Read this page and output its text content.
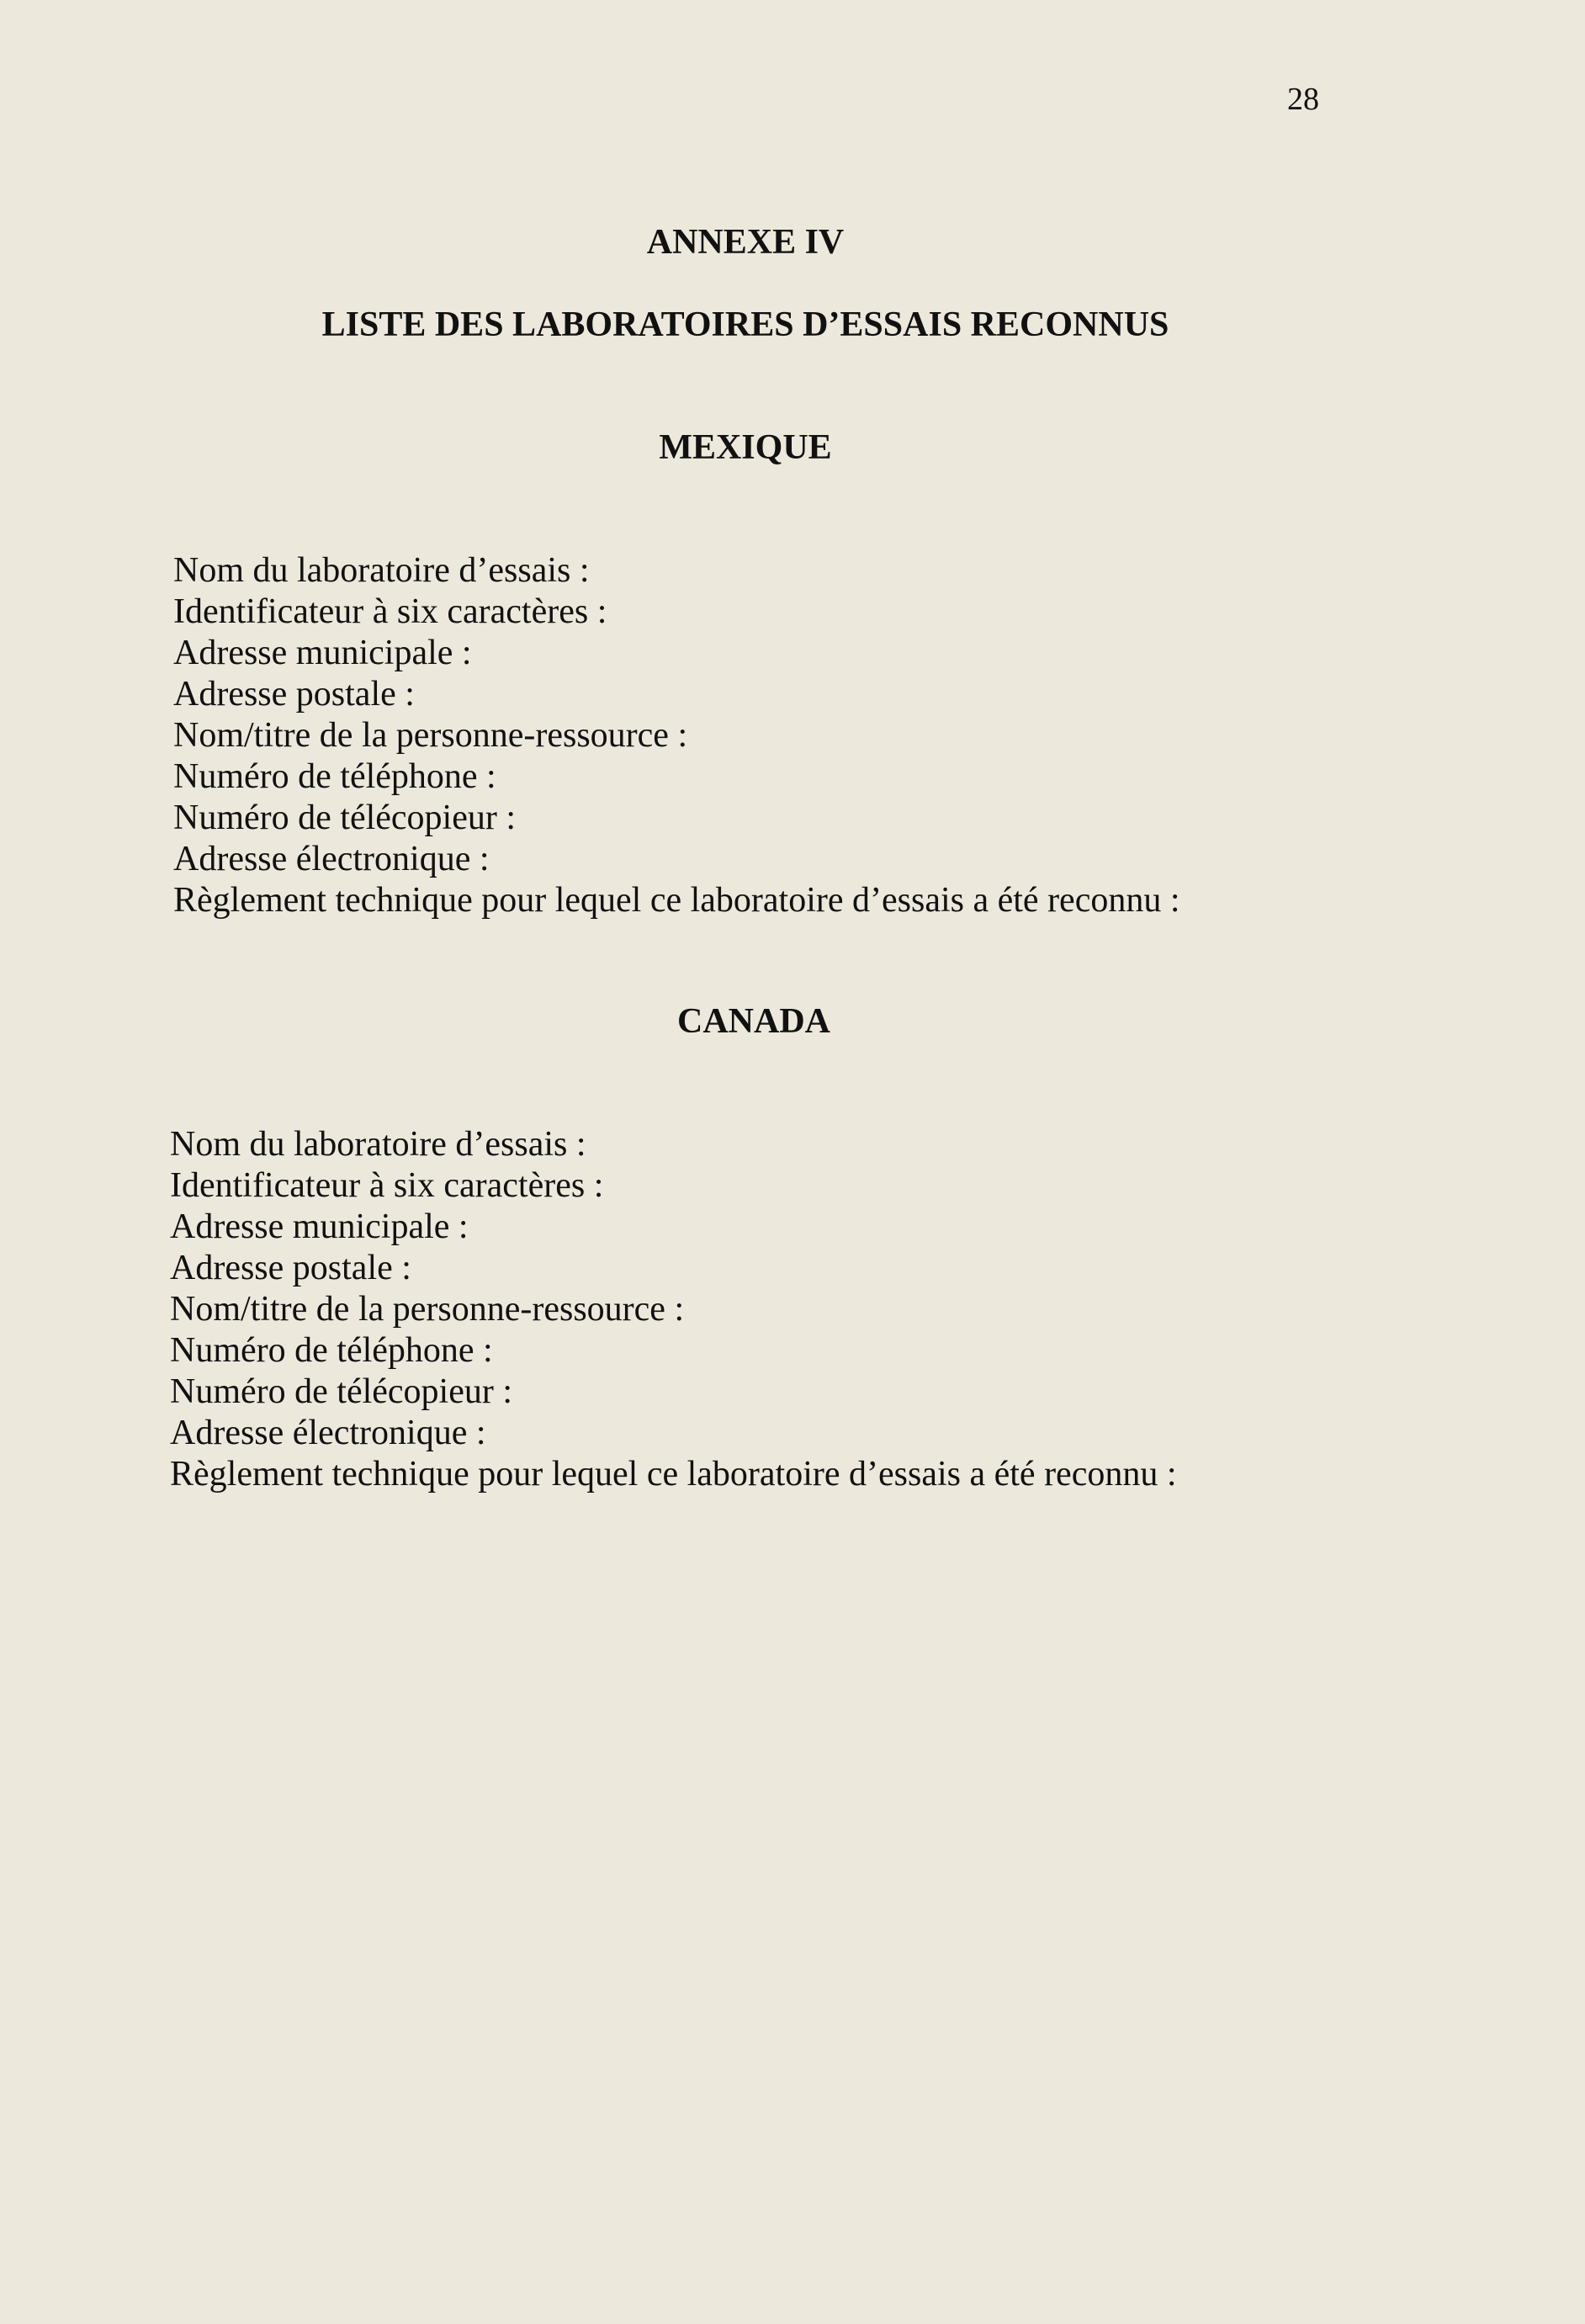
28
ANNEXE IV
LISTE DES LABORATOIRES D’ESSAIS RECONNUS
MEXIQUE
Nom du laboratoire d’essais :
Identificateur à six caractères :
Adresse municipale :
Adresse postale :
Nom/titre de la personne-ressource :
Numéro de téléphone :
Numéro de télécopieur :
Adresse électronique :
Règlement technique pour lequel ce laboratoire d’essais a été reconnu :
CANADA
Nom du laboratoire d’essais :
Identificateur à six caractères :
Adresse municipale :
Adresse postale :
Nom/titre de la personne-ressource :
Numéro de téléphone :
Numéro de télécopieur :
Adresse électronique :
Règlement technique pour lequel ce laboratoire d’essais a été reconnu :
